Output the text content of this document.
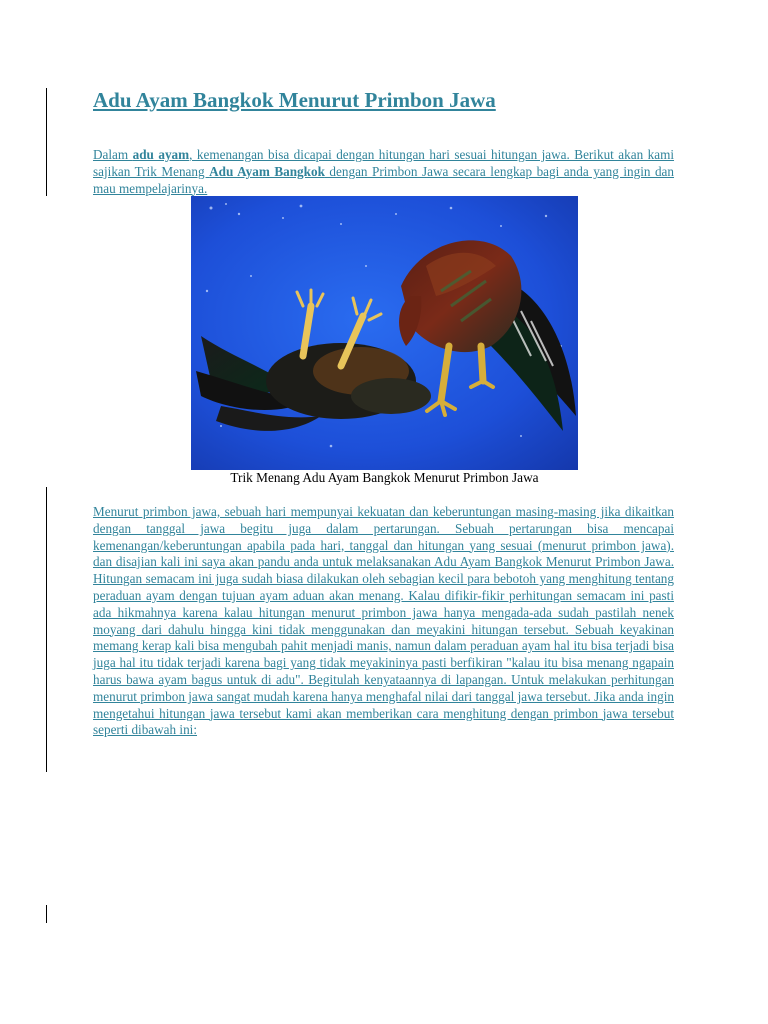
Adu Ayam Bangkok Menurut Primbon Jawa

Dalam adu ayam, kemenangan bisa dicapai dengan hitungan hari sesuai hitungan jawa. Berikut akan kami sajikan Trik Menang Adu Ayam Bangkok dengan Primbon Jawa secara lengkap bagi anda yang ingin dan mau mempelajarinya.

Trik Menang Adu Ayam Bangkok Menurut Primbon Jawa

Menurut primbon jawa, sebuah hari mempunyai kekuatan dan keberuntungan masing-masing jika dikaitkan dengan tanggal jawa begitu juga dalam pertarungan. Sebuah pertarungan bisa mencapai kemenangan/keberuntungan apabila pada hari, tanggal dan hitungan yang sesuai (menurut primbon jawa). dan disajian kali ini saya akan pandu anda untuk melaksanakan Adu Ayam Bangkok Menurut Primbon Jawa. Hitungan semacam ini juga sudah biasa dilakukan oleh sebagian kecil para bebotoh yang menghitung tentang peraduan ayam dengan tujuan ayam aduan akan menang. Kalau difikir-fikir perhitungan semacam ini pasti ada hikmahnya karena kalau hitungan menurut primbon jawa hanya mengada-ada sudah pastilah nenek moyang dari dahulu hingga kini tidak menggunakan dan meyakini hitungan tersebut. Sebuah keyakinan memang kerap kali bisa mengubah pahit menjadi manis, namun dalam peraduan ayam hal itu bisa terjadi bisa juga hal itu tidak terjadi karena bagi yang tidak meyakininya pasti berfikiran "kalau itu bisa menang ngapain harus bawa ayam bagus untuk di adu". Begitulah kenyataannya di lapangan. Untuk melakukan perhitungan menurut primbon jawa sangat mudah karena hanya menghafal nilai dari tanggal jawa tersebut. Jika anda ingin mengetahui hitungan jawa tersebut kami akan memberikan cara menghitung dengan primbon jawa tersebut seperti dibawah ini:
